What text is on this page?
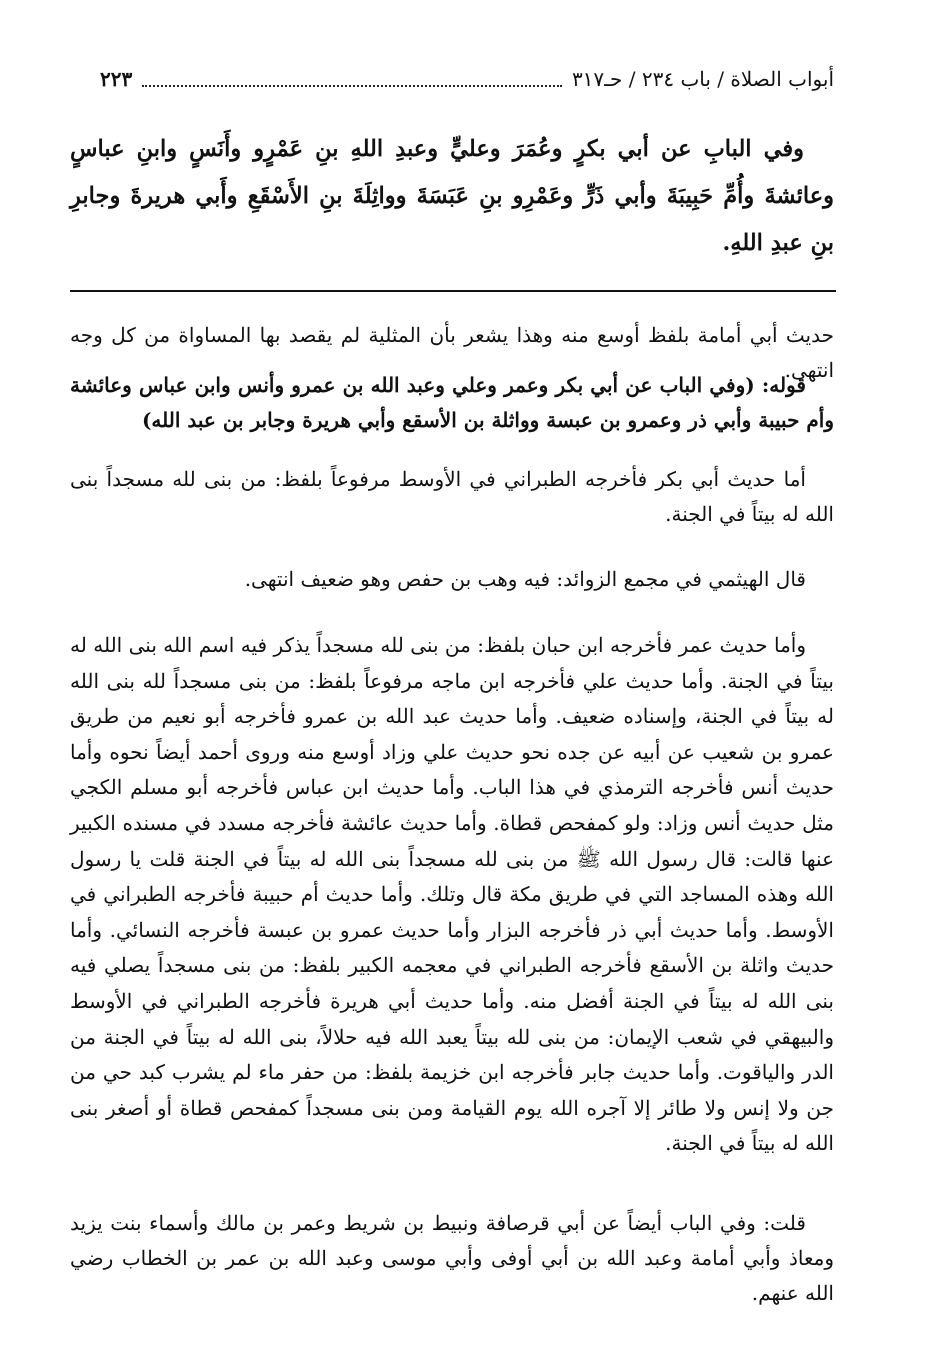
أبواب الصلاة / باب ٢٣٤ / حـ٣١٧
٢٢٣
وفي البابِ عن أبي بكرٍ وعُمَرَ وعليٍّ وعبدِ اللهِ بنِ عَمْرٍو وأَنَسٍ وابنِ عباسٍ وعائشةَ وأُمِّ حَبِيبَةَ وأبي ذَرٍّ وعَمْرِو بنِ عَبَسَةَ وواثِلَةَ بنِ الأَسْقَعِ وأَبي هريرةَ وجابرِ بنِ عبدِ اللهِ.
حديث أبي أمامة بلفظ أوسع منه وهذا يشعر بأن المثلية لم يقصد بها المساواة من كل وجه انتهى.
قوله: (وفي الباب عن أبي بكر وعمر وعلي وعبد الله بن عمرو وأنس وابن عباس وعائشة وأم حبيبة وأبي ذر وعمرو بن عبسة وواثلة بن الأسقع وأبي هريرة وجابر بن عبد الله)
أما حديث أبي بكر فأخرجه الطبراني في الأوسط مرفوعاً بلفظ: من بنى لله مسجداً بنى الله له بيتاً في الجنة.
قال الهيثمي في مجمع الزوائد: فيه وهب بن حفص وهو ضعيف انتهى.
وأما حديث عمر فأخرجه ابن حبان بلفظ: من بنى لله مسجداً يذكر فيه اسم الله بنى الله له بيتاً في الجنة. وأما حديث علي فأخرجه ابن ماجه مرفوعاً بلفظ: من بنى مسجداً لله بنى الله له بيتاً في الجنة، وإسناده ضعيف. وأما حديث عبد الله بن عمرو فأخرجه أبو نعيم من طريق عمرو بن شعيب عن أبيه عن جده نحو حديث علي وزاد أوسع منه وروى أحمد أيضاً نحوه وأما حديث أنس فأخرجه الترمذي في هذا الباب. وأما حديث ابن عباس فأخرجه أبو مسلم الكجي مثل حديث أنس وزاد: ولو كمفحص قطاة. وأما حديث عائشة فأخرجه مسدد في مسنده الكبير عنها قالت: قال رسول الله ﷺ من بنى لله مسجداً بنى الله له بيتاً في الجنة قلت يا رسول الله وهذه المساجد التي في طريق مكة قال وتلك. وأما حديث أم حبيبة فأخرجه الطبراني في الأوسط. وأما حديث أبي ذر فأخرجه البزار وأما حديث عمرو بن عبسة فأخرجه النسائي. وأما حديث واثلة بن الأسقع فأخرجه الطبراني في معجمه الكبير بلفظ: من بنى مسجداً يصلي فيه بنى الله له بيتاً في الجنة أفضل منه. وأما حديث أبي هريرة فأخرجه الطبراني في الأوسط والبيهقي في شعب الإيمان: من بنى لله بيتاً يعبد الله فيه حلالاً، بنى الله له بيتاً في الجنة من الدر والياقوت. وأما حديث جابر فأخرجه ابن خزيمة بلفظ: من حفر ماء لم يشرب كبد حي من جن ولا إنس ولا طائر إلا آجره الله يوم القيامة ومن بنى مسجداً كمفحص قطاة أو أصغر بنى الله له بيتاً في الجنة.
قلت: وفي الباب أيضاً عن أبي قرصافة ونبيط بن شريط وعمر بن مالك وأسماء بنت يزيد ومعاذ وأبي أمامة وعبد الله بن أبي أوفى وأبي موسى وعبد الله بن عمر بن الخطاب رضي الله عنهم.
